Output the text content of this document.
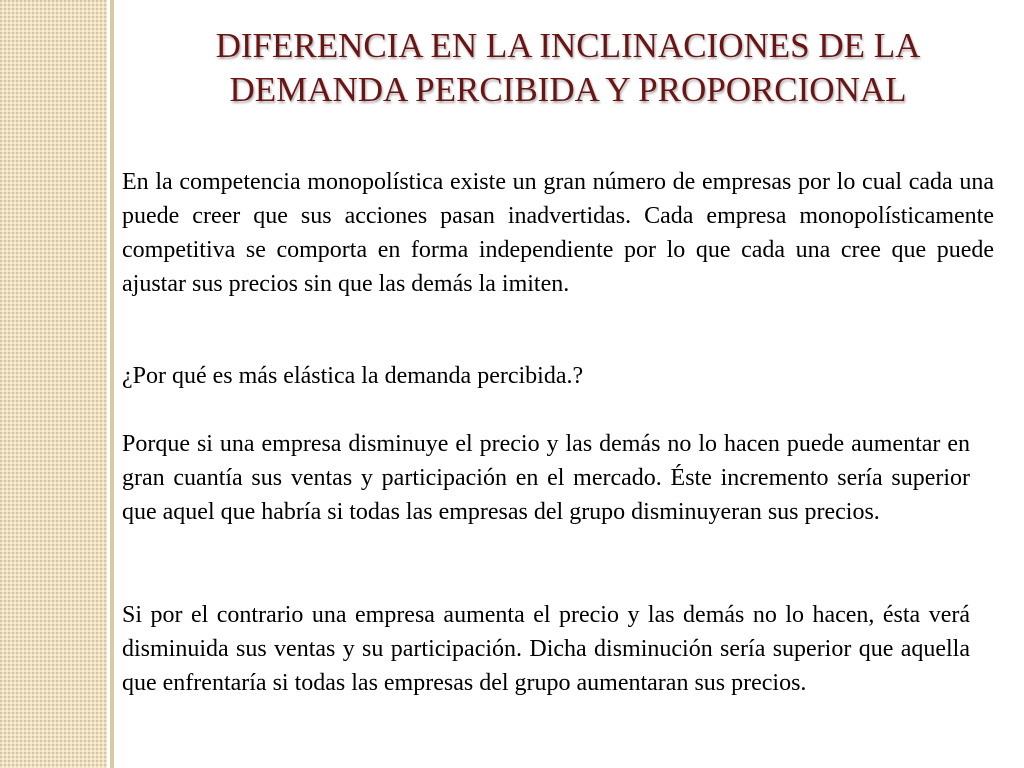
DIFERENCIA EN LA INCLINACIONES DE LA
DEMANDA PERCIBIDA Y PROPORCIONAL

En la competencia monopolística existe un gran número de empresas por lo cual cada una puede creer que sus acciones pasan inadvertidas. Cada empresa monopolísticamente competitiva se comporta en forma independiente por lo que cada una cree que puede ajustar sus precios sin que las demás la imiten.

¿Por qué es más elástica la demanda percibida.?

Porque si una empresa disminuye el precio y las demás no lo hacen puede aumentar en gran cuantía sus ventas y participación en el mercado. Éste incremento sería superior que aquel que habría si todas las empresas del grupo disminuyeran sus precios.

Si por el contrario una empresa aumenta el precio y las demás no lo hacen, ésta verá disminuida sus ventas y su participación. Dicha disminución sería superior que aquella que enfrentaría si todas las empresas del grupo aumentaran sus precios.
